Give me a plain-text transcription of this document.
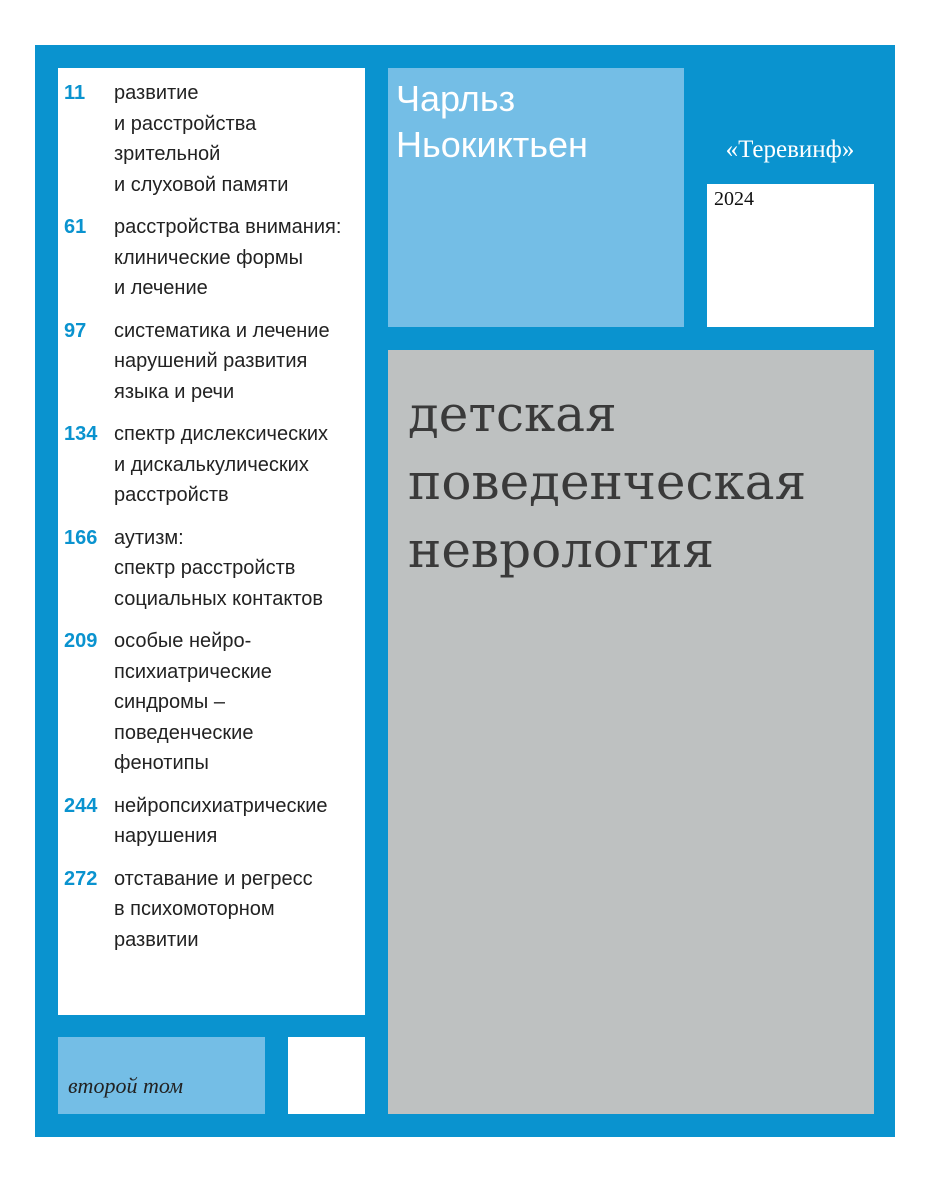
11	развитие
и расстройства
зрительной
и слуховой памяти
61	расстройства внимания:
клинические формы
и лечение
97	систематика и лечение
нарушений развития
языка и речи
134 спектр дислексических
и дискалькулических
расстройств
166 аутизм:
спектр расстройств
социальных контактов
209 особые нейро-
психиатрические
синдромы –
поведенческие
фенотипы
244 нейропсихиатрические
нарушения
272 отставание и регресс
в психомоторном
развитии
второй том
Чарльз
Ньокиктьен	«Теревинф»
2024
детская
поведенческая
неврология
